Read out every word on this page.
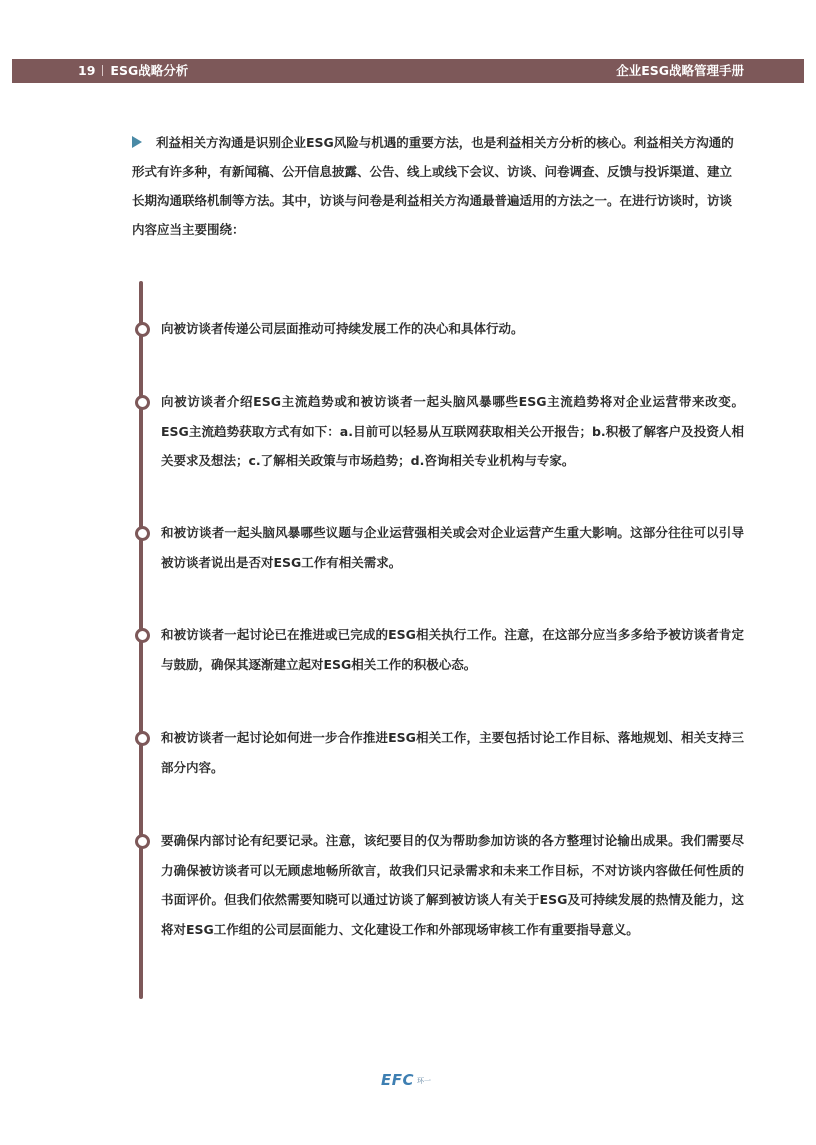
19 ESG战略分析	企业ESG战略管理手册
利益相关方沟通是识别企业ESG风险与机遇的重要方法，也是利益相关方分析的核心。利益相关方沟通的形式有许多种，有新闻稿、公开信息披露、公告、线上或线下会议、访谈、问卷调查、反馈与投诉渠道、建立长期沟通联络机制等方法。其中，访谈与问卷是利益相关方沟通最普遍适用的方法之一。在进行访谈时，访谈内容应当主要围绕：
向被访谈者传递公司层面推动可持续发展工作的决心和具体行动。
向被访谈者介绍ESG主流趋势或和被访谈者一起头脑风暴哪些ESG主流趋势将对企业运营带来改变。ESG主流趋势获取方式有如下：a.目前可以轻易从互联网获取相关公开报告；b.积极了解客户及投资人相关要求及想法；c.了解相关政策与市场趋势；d.咨询相关专业机构与专家。
和被访谈者一起头脑风暴哪些议题与企业运营强相关或会对企业运营产生重大影响。这部分往往可以引导被访谈者说出是否对ESG工作有相关需求。
和被访谈者一起讨论已在推进或已完成的ESG相关执行工作。注意，在这部分应当多多给予被访谈者肯定与鼓励，确保其逐渐建立起对ESG相关工作的积极心态。
和被访谈者一起讨论如何进一步合作推进ESG相关工作，主要包括讨论工作目标、落地规划、相关支持三部分内容。
要确保内部讨论有纪要记录。注意，该纪要目的仅为帮助参加访谈的各方整理讨论输出成果。我们需要尽力确保被访谈者可以无顾虑地畅所欲言，故我们只记录需求和未来工作目标，不对访谈内容做任何性质的书面评价。但我们依然需要知晓可以通过访谈了解到被访谈人有关于ESG及可持续发展的热情及能力，这将对ESG工作组的公司层面能力、文化建设工作和外部现场审核工作有重要指导意义。
EFC 环一
